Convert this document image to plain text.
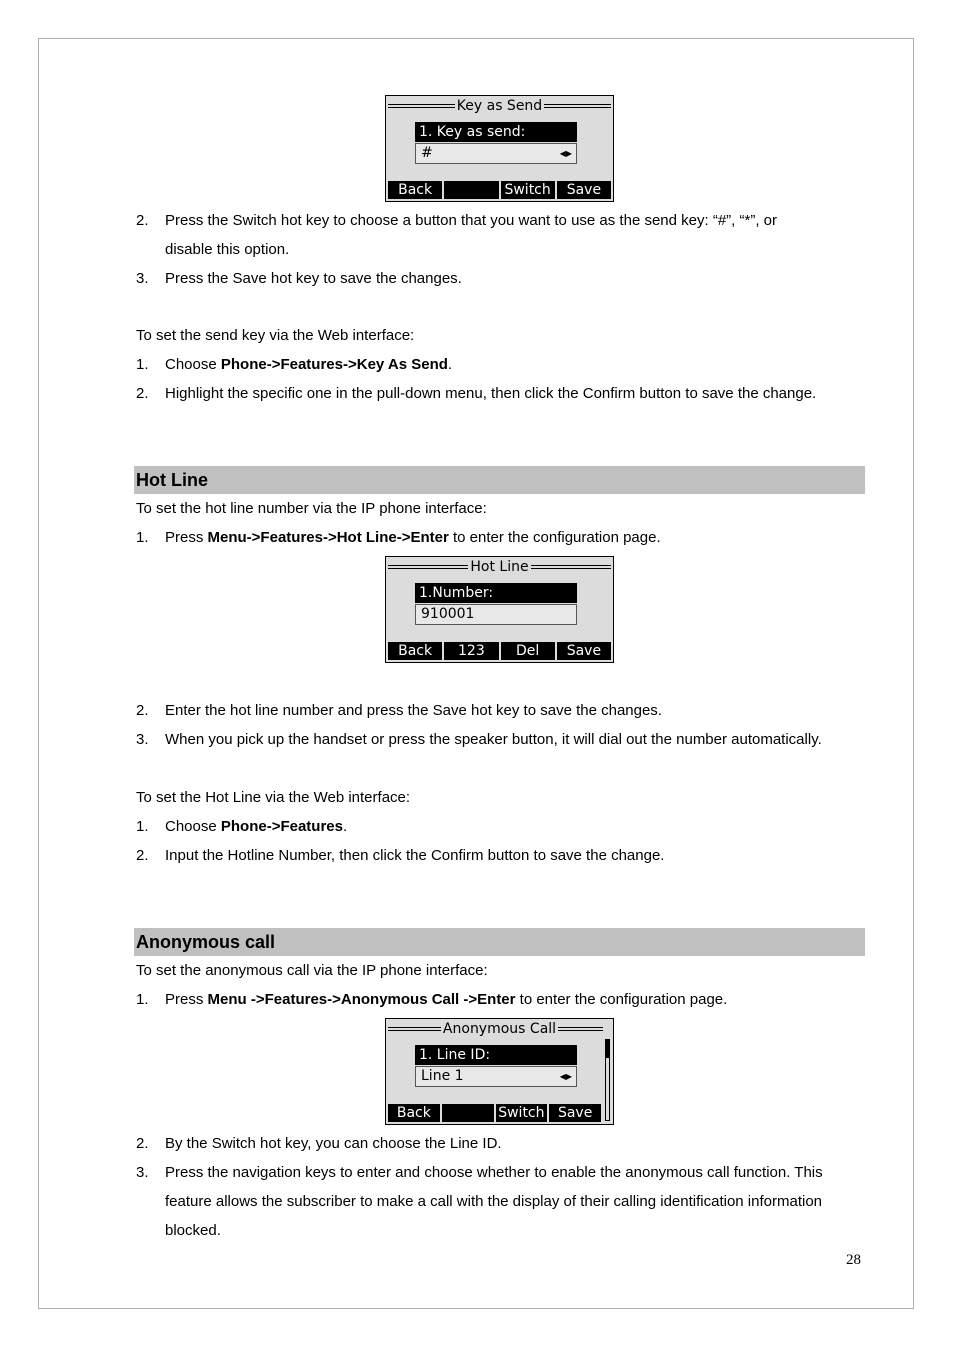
Key as Send
1. Key as send:
#	◀▶
Back	Switch	Save
2. Press the Switch hot key to choose a button that you want to use as the send key: “#”, “*”, or
disable this option.
3. Press the Save hot key to save the changes.
To set the send key via the Web interface:
1. Choose Phone->Features->Key As Send.
2. Highlight the specific one in the pull-down menu, then click the Confirm button to save the change.
Hot Line
To set the hot line number via the IP phone interface:
1. Press Menu->Features->Hot Line->Enter to enter the configuration page.
Hot Line
1.Number:
910001
Back	123	Del	Save
2. Enter the hot line number and press the Save hot key to save the changes.
3. When you pick up the handset or press the speaker button, it will dial out the number automatically.
To set the Hot Line via the Web interface:
1. Choose Phone->Features.
2. Input the Hotline Number, then click the Confirm button to save the change.
Anonymous call
To set the anonymous call via the IP phone interface:
1. Press Menu ->Features->Anonymous Call ->Enter to enter the configuration page.
Anonymous Call
1. Line ID:
Line 1	◀▶
Back	Switch Save
2. By the Switch hot key, you can choose the Line ID.
3. Press the navigation keys to enter and choose whether to enable the anonymous call function. This
feature allows the subscriber to make a call with the display of their calling identification information
blocked.
28
